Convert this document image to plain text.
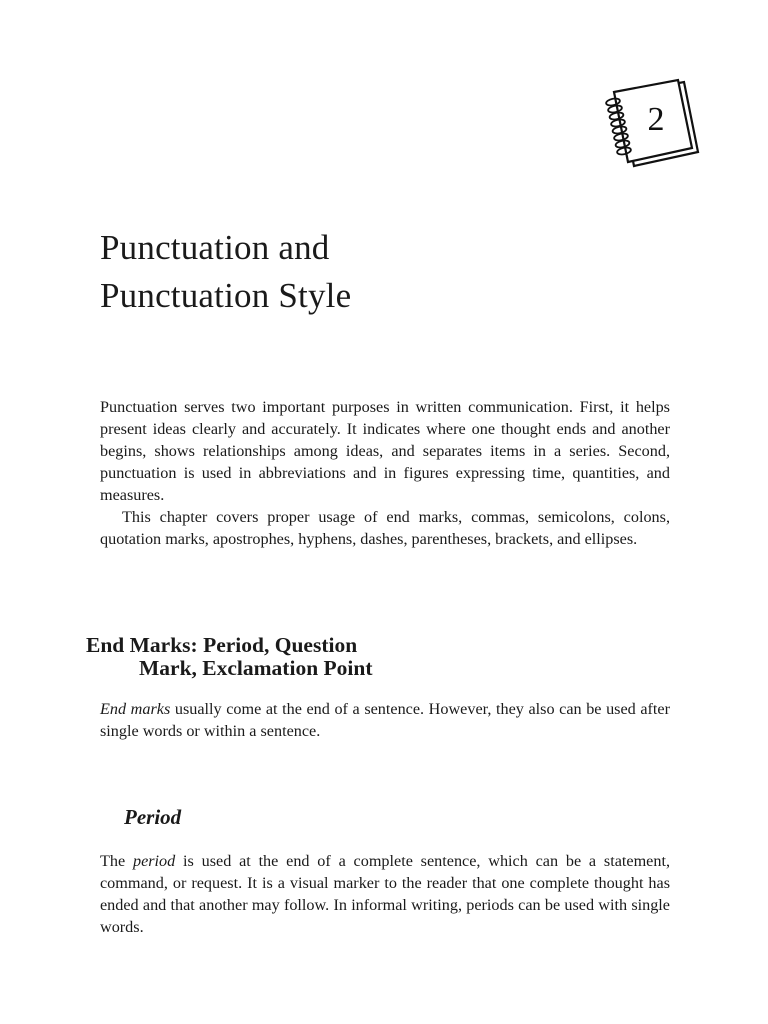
2
Punctuation and
Punctuation Style

Punctuation serves two important purposes in written communication. First, it helps present ideas clearly and accurately. It indicates where one thought ends and another begins, shows relationships among ideas, and separates items in a series. Second, punctuation is used in abbreviations and in figures expressing time, quantities, and measures.

This chapter covers proper usage of end marks, commas, semicolons, colons, quotation marks, apostrophes, hyphens, dashes, parentheses, brackets, and ellipses.

End Marks: Period, Question
Mark, Exclamation Point

End marks usually come at the end of a sentence. However, they also can be used after single words or within a sentence.

Period

The period is used at the end of a complete sentence, which can be a statement, command, or request. It is a visual marker to the reader that one complete thought has ended and that another may follow. In informal writing, periods can be used with single words.
